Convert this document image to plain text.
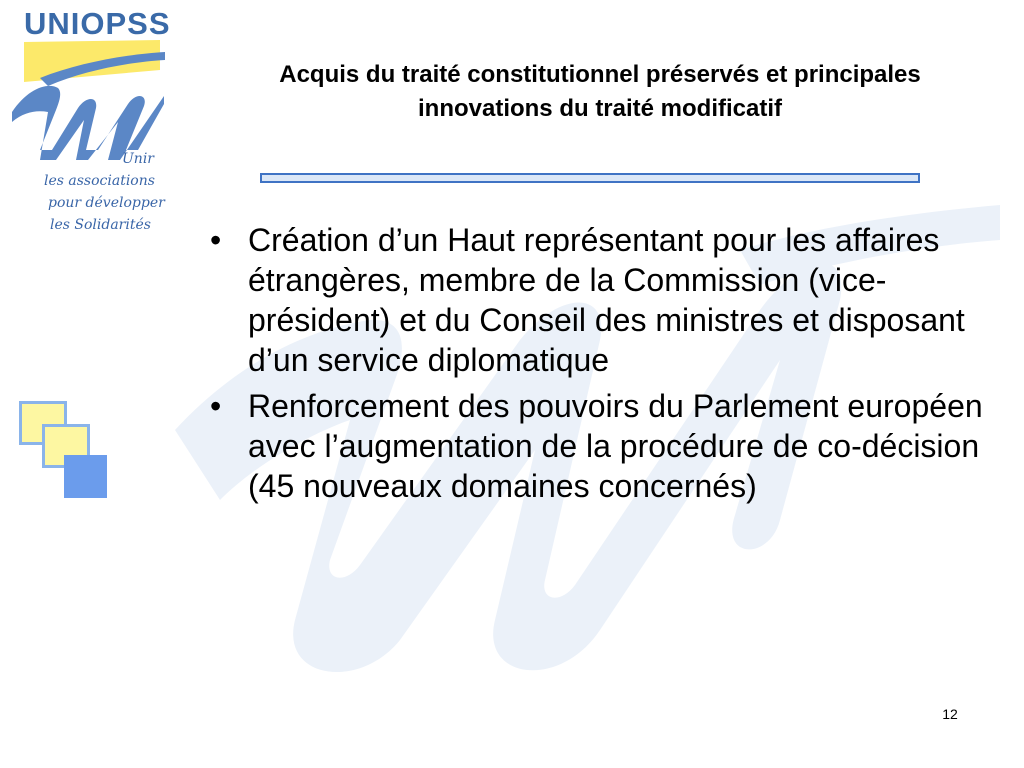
UNIOPSS
Unir
les associations
pour développer
les Solidarités
Acquis du traité constitutionnel préservés et principales innovations du traité modificatif
• Création d’un Haut représentant pour les affaires étrangères, membre de la Commission (vice-président) et du Conseil des ministres et disposant d’un service diplomatique
• Renforcement des pouvoirs du Parlement européen avec l’augmentation de la procédure de co-décision (45 nouveaux domaines concernés)
12
